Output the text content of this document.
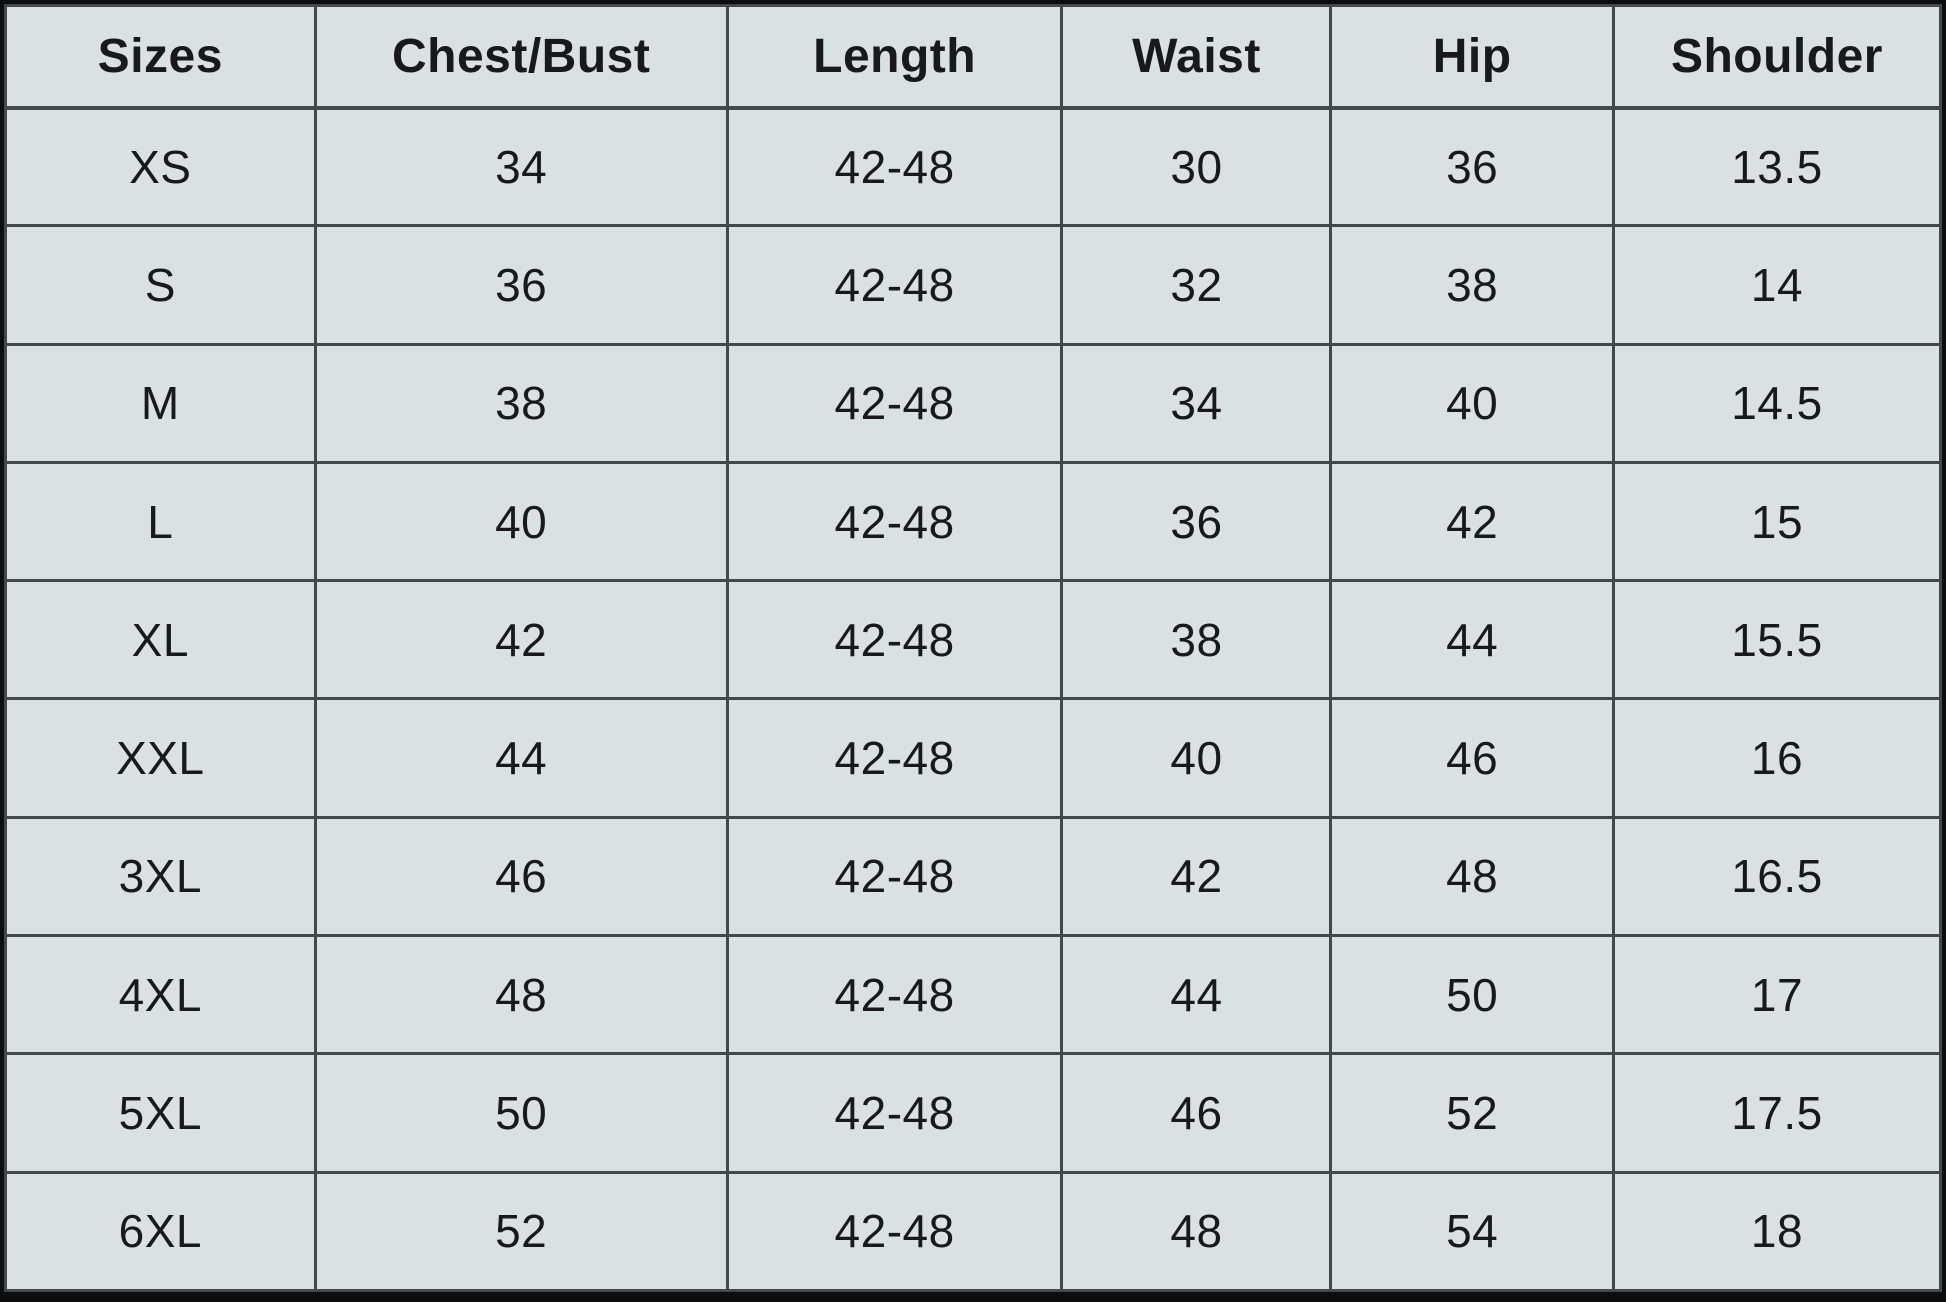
Sizes	Chest/Bust	Length	Waist	Hip	Shoulder
XS	34	42-48	30	36	13.5
S	36	42-48	32	38	14
M	38	42-48	34	40	14.5
L	40	42-48	36	42	15
XL	42	42-48	38	44	15.5
XXL	44	42-48	40	46	16
3XL	46	42-48	42	48	16.5
4XL	48	42-48	44	50	17
5XL	50	42-48	46	52	17.5
6XL	52	42-48	48	54	18
